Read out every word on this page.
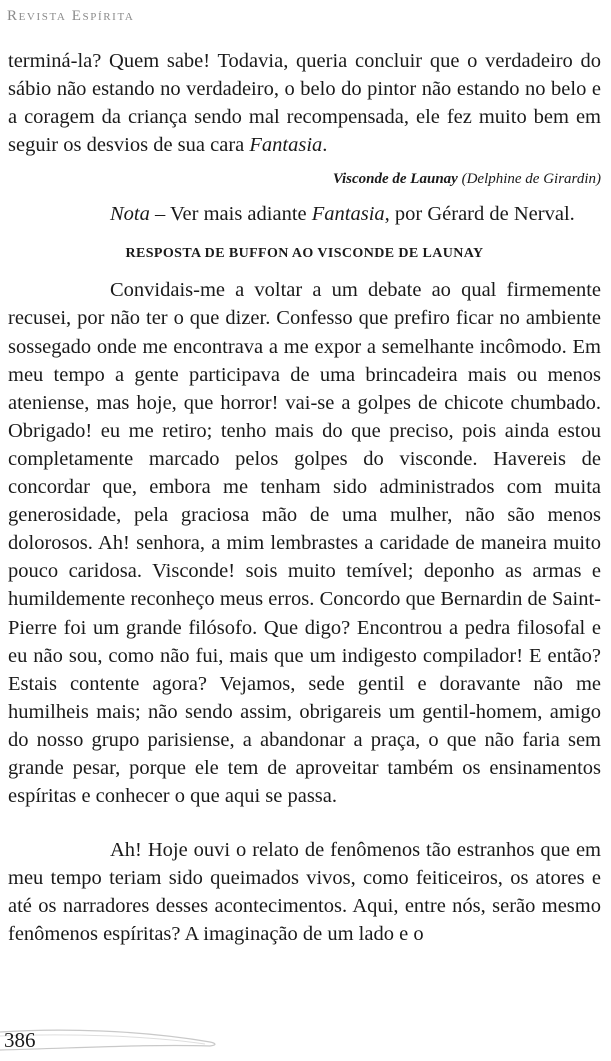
Revista Espírita

terminá-la? Quem sabe! Todavia, queria concluir que o verdadeiro do sábio não estando no verdadeiro, o belo do pintor não estando no belo e a coragem da criança sendo mal recompensada, ele fez muito bem em seguir os desvios de sua cara Fantasia.

Visconde de Launay (Delphine de Girardin)

Nota – Ver mais adiante Fantasia, por Gérard de Nerval.

RESPOSTA DE BUFFON AO VISCONDE DE LAUNAY

Convidais-me a voltar a um debate ao qual firmemente recusei, por não ter o que dizer. Confesso que prefiro ficar no ambiente sossegado onde me encontrava a me expor a semelhante incômodo. Em meu tempo a gente participava de uma brincadeira mais ou menos ateniense, mas hoje, que horror! vai-se a golpes de chicote chumbado. Obrigado! eu me retiro; tenho mais do que preciso, pois ainda estou completamente marcado pelos golpes do visconde. Havereis de concordar que, embora me tenham sido administrados com muita generosidade, pela graciosa mão de uma mulher, não são menos dolorosos. Ah! senhora, a mim lembrastes a caridade de maneira muito pouco caridosa. Visconde! sois muito temível; deponho as armas e humildemente reconheço meus erros. Concordo que Bernardin de Saint-Pierre foi um grande filósofo. Que digo? Encontrou a pedra filosofal e eu não sou, como não fui, mais que um indigesto compilador! E então? Estais contente agora? Vejamos, sede gentil e doravante não me humilheis mais; não sendo assim, obrigareis um gentil-homem, amigo do nosso grupo parisiense, a abandonar a praça, o que não faria sem grande pesar, porque ele tem de aproveitar também os ensinamentos espíritas e conhecer o que aqui se passa.

Ah! Hoje ouvi o relato de fenômenos tão estranhos que em meu tempo teriam sido queimados vivos, como feiticeiros, os atores e até os narradores desses acontecimentos. Aqui, entre nós, serão mesmo fenômenos espíritas? A imaginação de um lado e o

386
